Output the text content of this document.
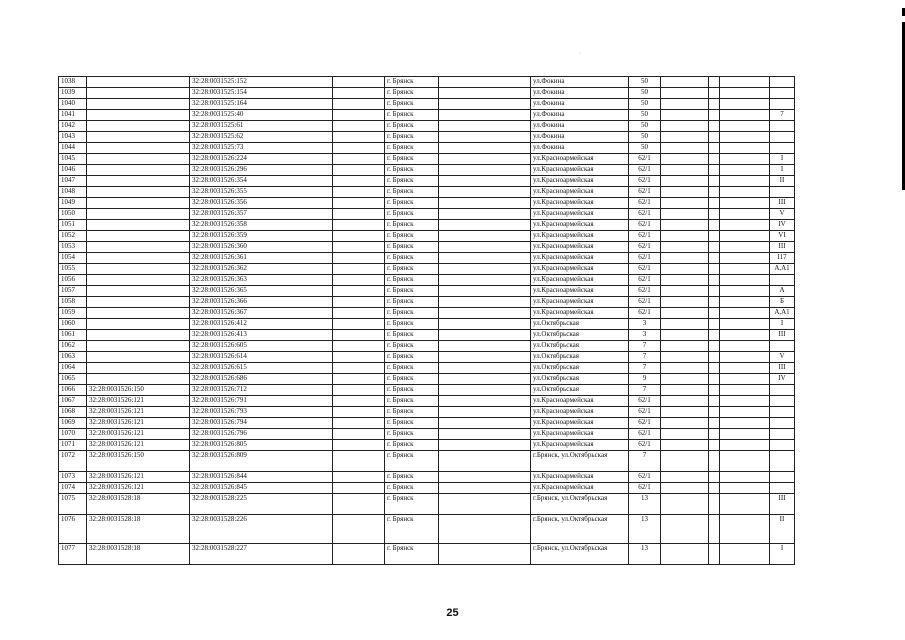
·
1038		32:28:0031525:152		г. Брянск		ул.Фокина	50				
1039		32:28:0031525:154		г. Брянск		ул.Фокина	50				
1040		32:28:0031525:164		г. Брянск		ул.Фокина	50				
1041		32:28:0031525:40		г. Брянск		ул.Фокина	50				7
1042		32:28:0031525:61		г. Брянск		ул.Фокина	50				
1043		32:28:0031525:62		г. Брянск		ул.Фокина	50				
1044		32:28:0031525:73		г. Брянск		ул.Фокина	50				
1045		32:28:0031526:224		г. Брянск		ул.Красноармейская	62/1				I
1046		32:28:0031526:296		г. Брянск		ул.Красноармейская	62/1				I
1047		32:28:0031526:354		г. Брянск		ул.Красноармейская	62/1				II
1048		32:28:0031526:355		г. Брянск		ул.Красноармейская	62/1				
1049		32:28:0031526:356		г. Брянск		ул.Красноармейская	62/1				III
1050		32:28:0031526:357		г. Брянск		ул.Красноармейская	62/1				V
1051		32:28:0031526:358		г. Брянск		ул.Красноармейская	62/1				IV
1052		32:28:0031526:359		г. Брянск		ул.Красноармейская	62/1				VI
1053		32:28:0031526:360		г. Брянск		ул.Красноармейская	62/1				III
1054		32:28:0031526:361		г. Брянск		ул.Красноармейская	62/1				I17
1055		32:28:0031526:362		г. Брянск		ул.Красноармейская	62/1				A,A1
1056		32:28:0031526:363		г. Брянск		ул.Красноармейская	62/1				
1057		32:28:0031526:365		г. Брянск		ул.Красноармейская	62/1				A
1058		32:28:0031526:366		г. Брянск		ул.Красноармейская	62/1				Б
1059		32:28:0031526:367		г. Брянск		ул.Красноармейская	62/1				A,A1
1060		32:28:0031526:412		г. Брянск		ул.Октябрьская	3				I
1061		32:28:0031526:413		г. Брянск		ул.Октябрьская	3				III
1062		32:28:0031526:605		г. Брянск		ул.Октябрьская	7				
1063		32:28:0031526:614		г. Брянск		ул.Октябрьская	7				V
1064		32:28:0031526:615		г. Брянск		ул.Октябрьская	7				III
1065		32:28:0031526:686		г. Брянск		ул.Октябрьская	9				IV
1066	32:28:0031526:150	32:28:0031526:712		г. Брянск		ул.Октябрьская	7				
1067	32:28:0031526:121	32:28:0031526:791		г. Брянск		ул.Красноармейская	62/1				
1068	32:28:0031526:121	32:28:0031526:793		г. Брянск		ул.Красноармейская	62/1				
1069	32:28:0031526:121	32:28:0031526:794		г. Брянск		ул.Красноармейская	62/1				
1070	32:28:0031526:121	32:28:0031526:796		г. Брянск		ул.Красноармейская	62/1				
1071	32:28:0031526:121	32:28:0031526:805		г. Брянск		ул.Красноармейская	62/1				
1072	32:28:0031526:150	32:28:0031526:809		г. Брянск		г.Брянск, ул.Октябрьская	7				
1073	32:28:0031526:121	32:28:0031526:844		г. Брянск		ул.Красноармейская	62/1				
1074	32:28:0031526:121	32:28:0031526:845		г. Брянск		ул.Красноармейская	62/1				
1075	32:28:0031528:18	32:28:0031528:225		г. Брянск		г.Брянск, ул.Октябрьская	13				III
1076	32:28:0031528:18	32:28:0031528:226		г. Брянск		г.Брянск, ул.Октябрьская	13				II
1077	32:28:0031528:18	32:28:0031528:227		г. Брянск		г.Брянск, ул.Октябрьская	13				I
25
